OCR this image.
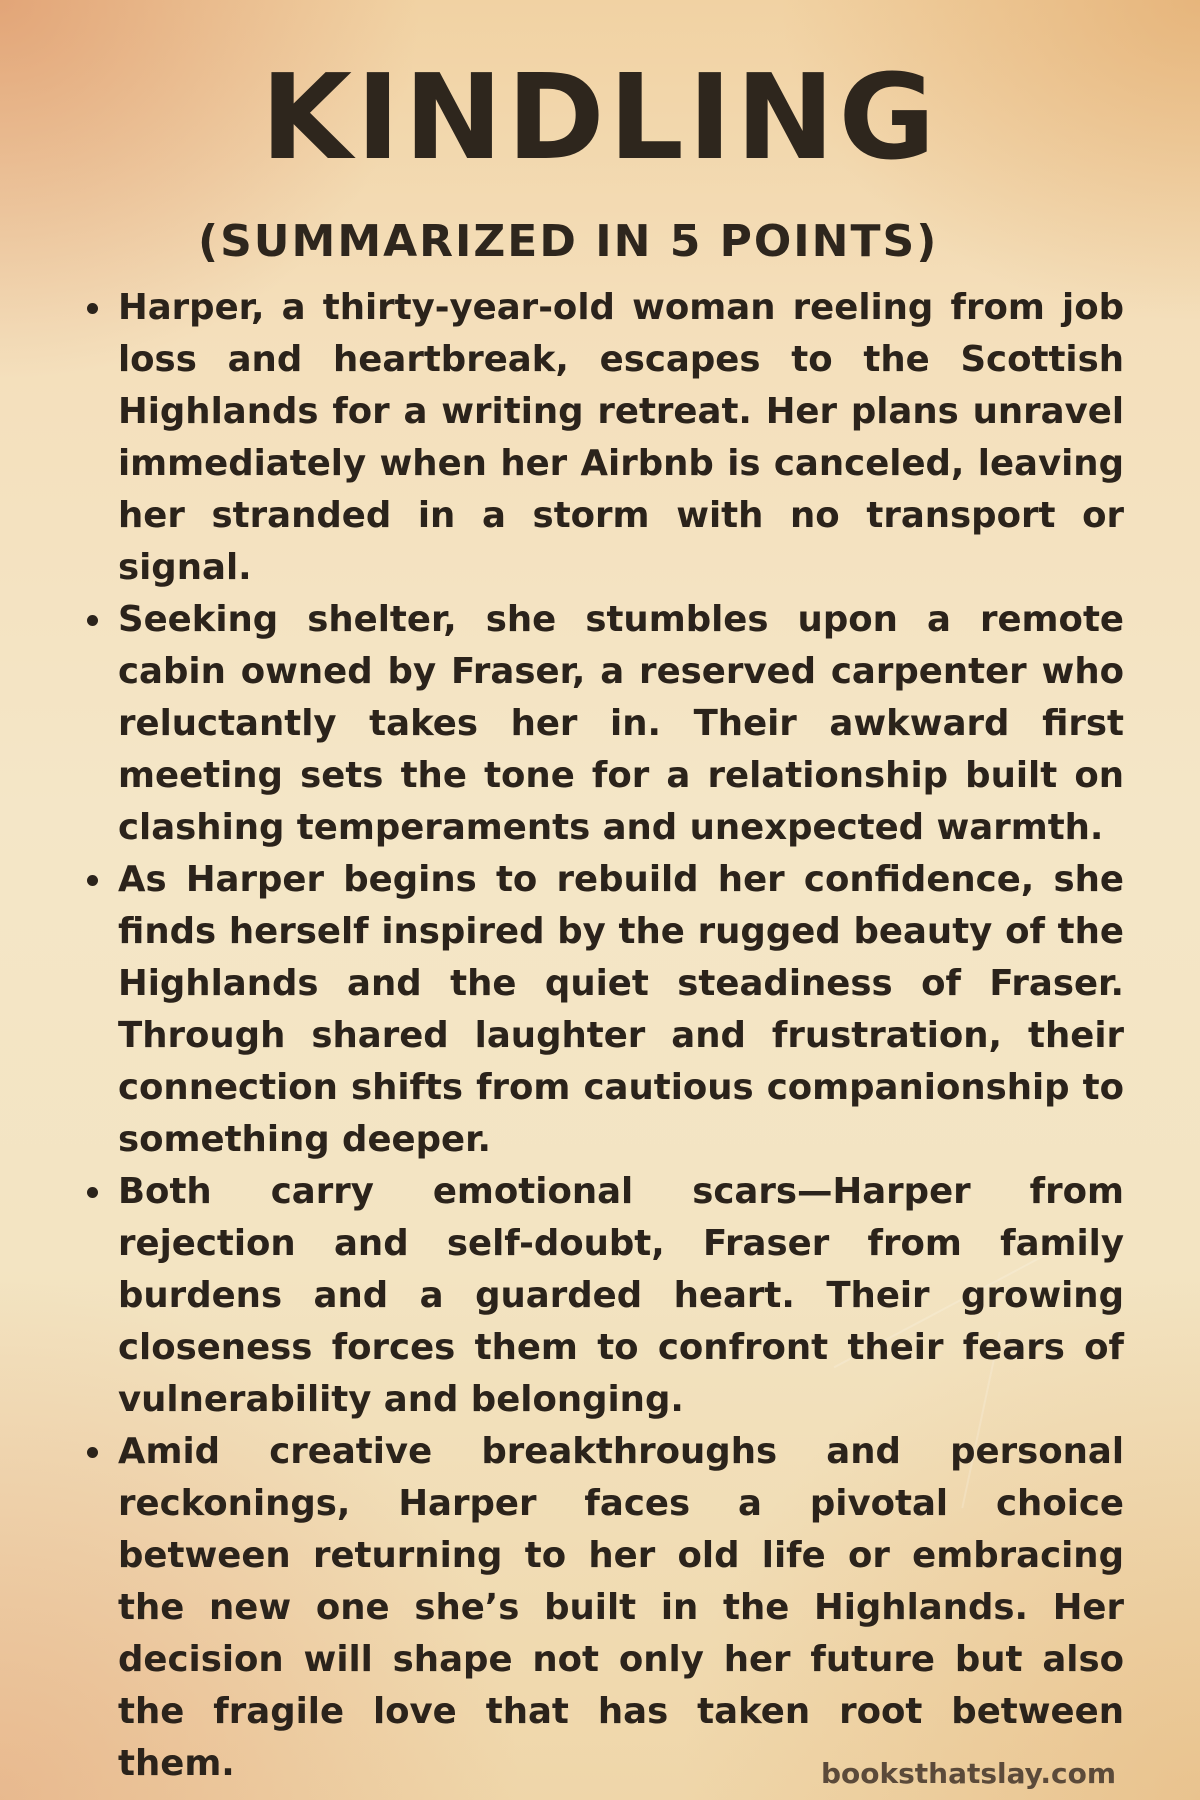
KINDLING
(SUMMARIZED IN 5 POINTS)
Harper, a thirty-year-old woman reeling from job loss and heartbreak, escapes to the Scottish Highlands for a writing retreat. Her plans unravel immediately when her Airbnb is canceled, leaving her stranded in a storm with no transport or signal.
Seeking shelter, she stumbles upon a remote cabin owned by Fraser, a reserved carpenter who reluctantly takes her in. Their awkward first meeting sets the tone for a relationship built on clashing temperaments and unexpected warmth.
As Harper begins to rebuild her confidence, she finds herself inspired by the rugged beauty of the Highlands and the quiet steadiness of Fraser. Through shared laughter and frustration, their connection shifts from cautious companionship to something deeper.
Both carry emotional scars—Harper from rejection and self-doubt, Fraser from family burdens and a guarded heart. Their growing closeness forces them to confront their fears of vulnerability and belonging.
Amid creative breakthroughs and personal reckonings, Harper faces a pivotal choice between returning to her old life or embracing the new one she’s built in the Highlands. Her decision will shape not only her future but also the fragile love that has taken root between them.	booksthatslay.com
